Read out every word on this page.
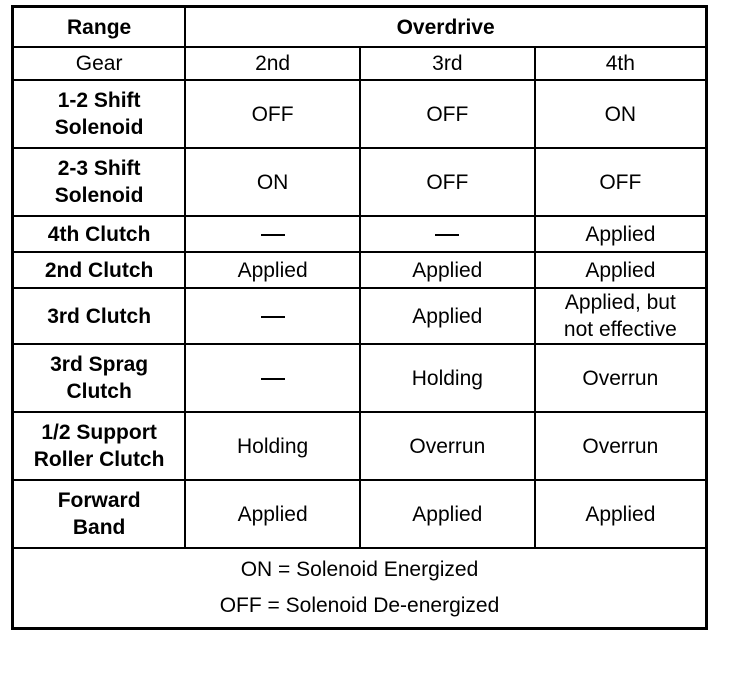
Range	Overdrive		
Gear	2nd	3rd	4th

1-2 Shift
Solenoid	OFF	OFF	ON

2-3 Shift
Solenoid	ON	OFF	OFF
4th Clutch			Applied
2nd Clutch	Applied	Applied	Applied
3rd Clutch		Applied	Applied, but
not effective

3rd Sprag
Clutch		Holding	Overrun

1/2 Support
Roller Clutch	Holding	Overrun	Overrun

Forward
Band	Applied	Applied	Applied

ON = Solenoid Energized
OFF = Solenoid De-energized			
